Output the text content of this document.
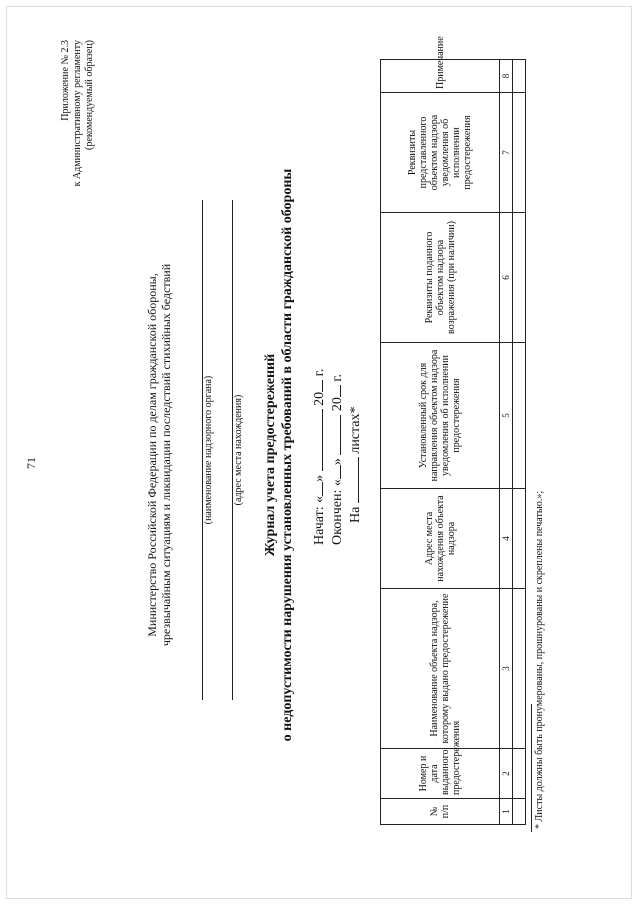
71
Приложение № 2.3 к Административному регламенту (рекомендуемый образец)
Министерство Российской Федерации по делам гражданской обороны, чрезвычайным ситуациям и ликвидации последствий стихийных бедствий	(наименование надзорного органа) (адрес места нахождения) Журнал учета предостережений о недопустимости нарушения установленных требований в области гражданской обороны Начат: «»  20 г.
Окончен: «»  20 г.
На  листах*
№ п/п	Номер и дата выданного предостережения	Наименование объекта надзора, которому выдано предостережение	Адрес места нахождения объекта надзора	Установленный срок для направления объектом надзора уведомления об исполнении предостережения	Реквизиты поданного объектом надзора возражения (при наличии)	Реквизиты представленного объектом надзора уведомления об исполнении предостережения	Примечание
1	2	3	4	5	6	7	8

* Листы должны быть пронумерованы, прошнурованы и скреплены печатью.»;
